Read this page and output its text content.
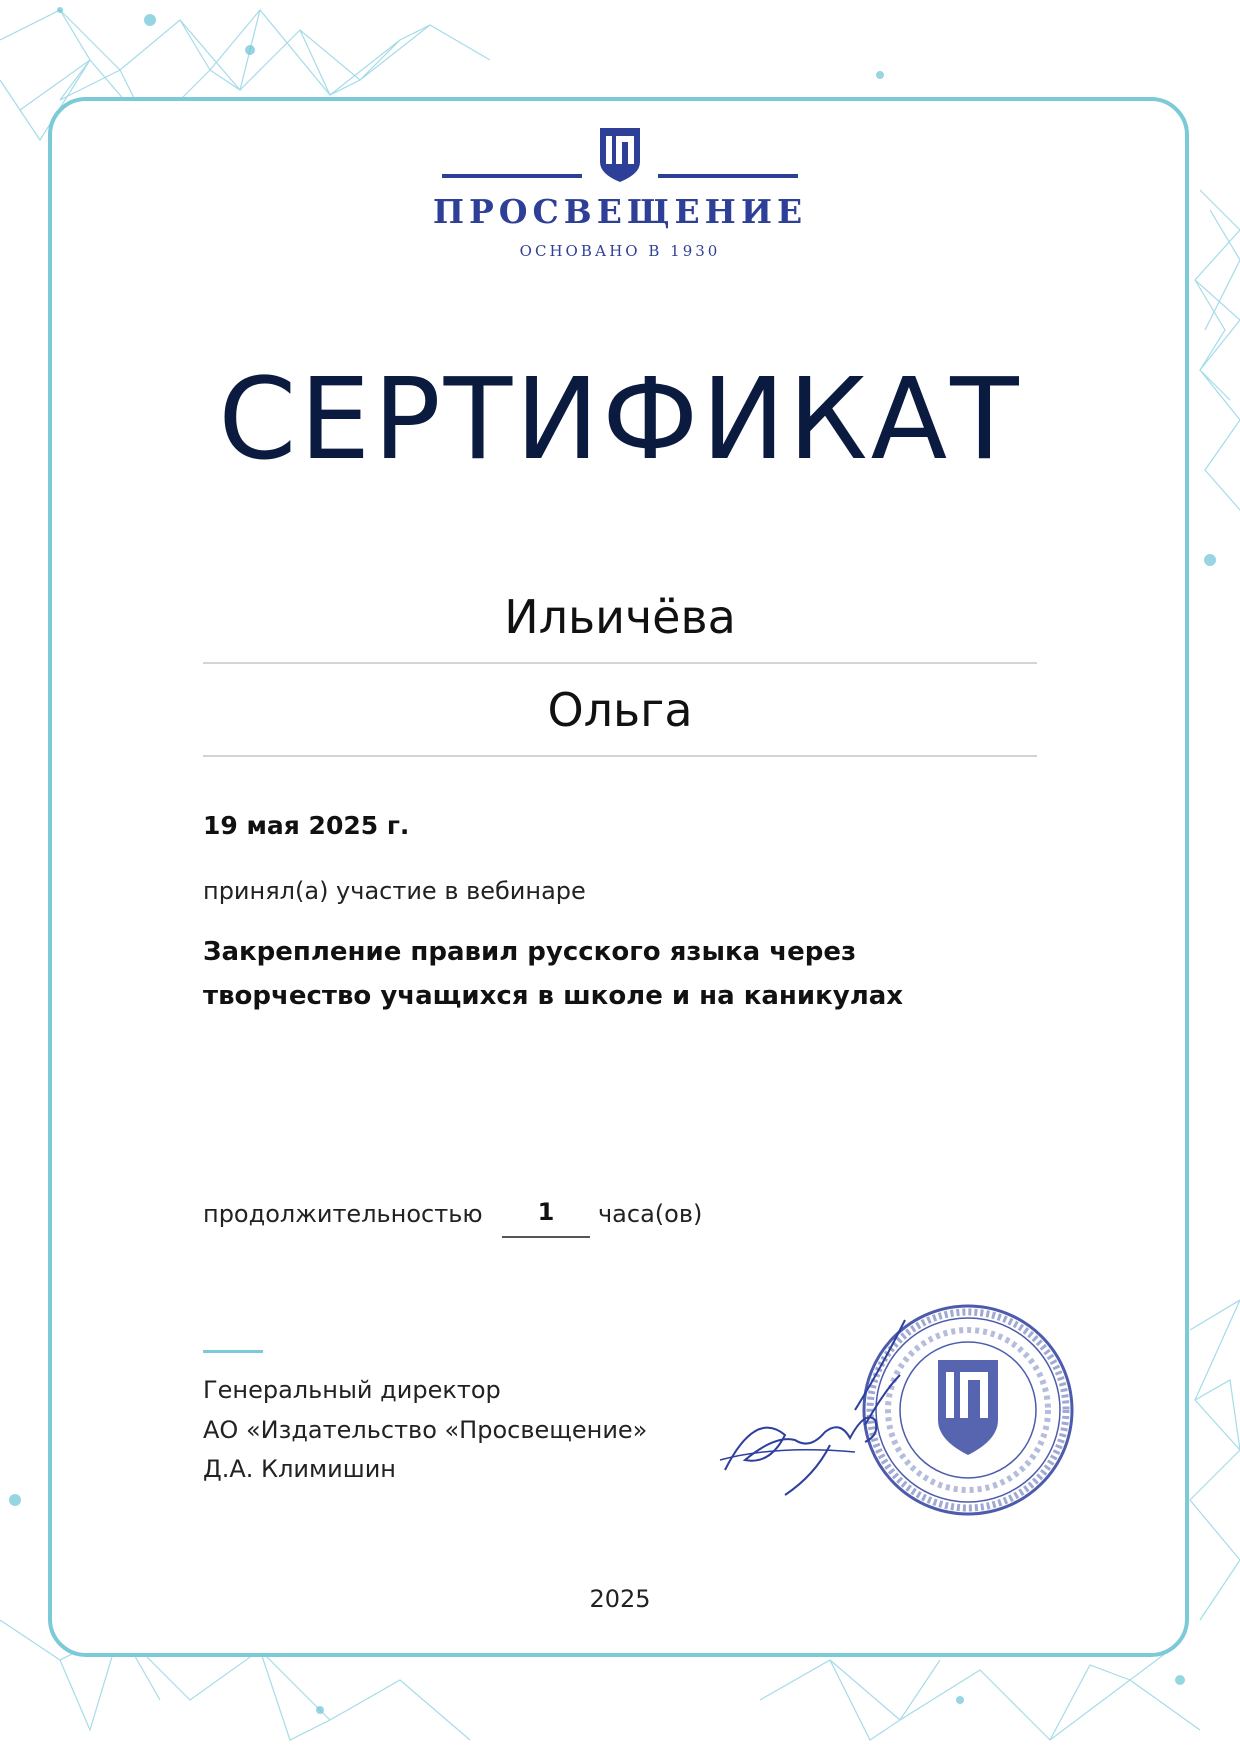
ПРОСВЕЩЕНИЕ
ОСНОВАНО В 1930
СЕРТИФИКАТ
Ильичёва
Ольга
19 мая 2025 г.
принял(а) участие в вебинаре
Закрепление правил русского языка через
творчество учащихся в школе и на каникулах
продолжительностью	1	часа(ов)
Генеральный директор
АО «Издательство «Просвещение»
Д.А. Климишин
2025
